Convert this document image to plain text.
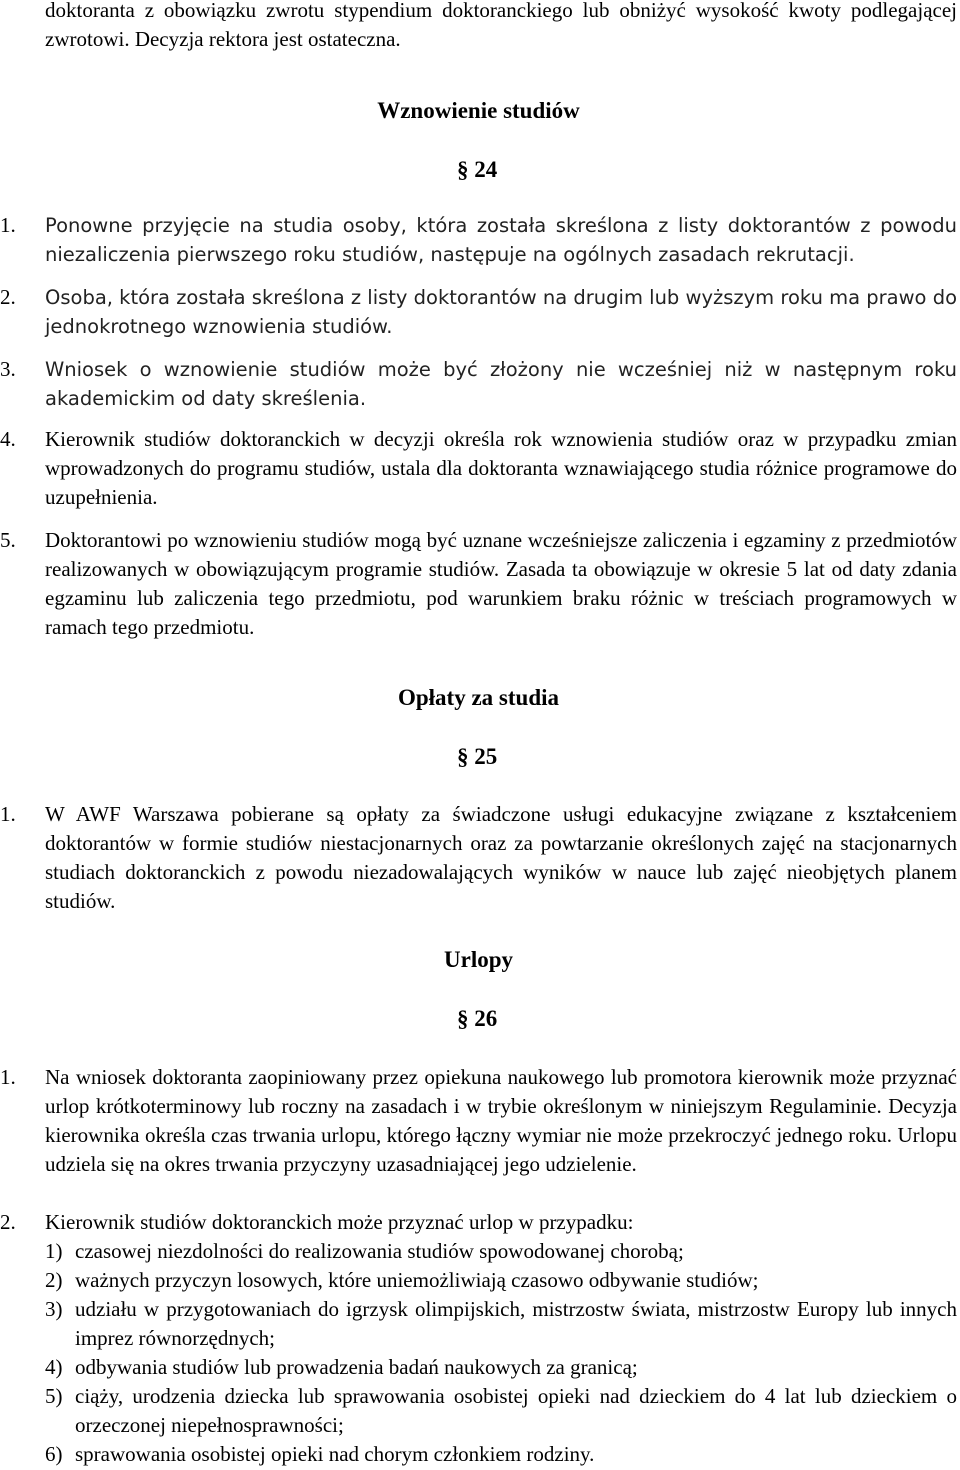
doktoranta z obowiązku zwrotu stypendium doktoranckiego lub obniżyć wysokość kwoty podlegającej zwrotowi. Decyzja rektora jest ostateczna.
Wznowienie studiów
§ 24
1. Ponowne przyjęcie na studia osoby, która została skreślona z listy doktorantów z powodu niezaliczenia pierwszego roku studiów, następuje na ogólnych zasadach rekrutacji.
2. Osoba, która została skreślona z listy doktorantów na drugim lub wyższym roku ma prawo do jednokrotnego wznowienia studiów.
3. Wniosek o wznowienie studiów może być złożony nie wcześniej niż w następnym roku akademickim od daty skreślenia.
4. Kierownik studiów doktoranckich w decyzji określa rok wznowienia studiów oraz w przypadku zmian wprowadzonych do programu studiów, ustala dla doktoranta wznawiającego studia różnice programowe do uzupełnienia.
5. Doktorantowi po wznowieniu studiów mogą być uznane wcześniejsze zaliczenia i egzaminy z przedmiotów realizowanych w obowiązującym programie studiów. Zasada ta obowiązuje w okresie 5 lat od daty zdania egzaminu lub zaliczenia tego przedmiotu, pod warunkiem braku różnic w treściach programowych w ramach tego przedmiotu.
Opłaty za studia
§ 25
1. W AWF Warszawa pobierane są opłaty za świadczone usługi edukacyjne związane z kształceniem doktorantów w formie studiów niestacjonarnych oraz za powtarzanie określonych zajęć na stacjonarnych studiach doktoranckich z powodu niezadowalających wyników w nauce lub zajęć nieobjętych planem studiów.
Urlopy
§ 26
1. Na wniosek doktoranta zaopiniowany przez opiekuna naukowego lub promotora kierownik może przyznać urlop krótkoterminowy lub roczny na zasadach i w trybie określonym w niniejszym Regulaminie. Decyzja kierownika określa czas trwania urlopu, którego łączny wymiar nie może przekroczyć jednego roku. Urlopu udziela się na okres trwania przyczyny uzasadniającej jego udzielenie.
2. Kierownik studiów doktoranckich może przyznać urlop w przypadku:
1) czasowej niezdolności do realizowania studiów spowodowanej chorobą;
2) ważnych przyczyn losowych, które uniemożliwiają czasowo odbywanie studiów;
3) udziału w przygotowaniach do igrzysk olimpijskich, mistrzostw świata, mistrzostw Europy lub innych imprez równorzędnych;
4) odbywania studiów lub prowadzenia badań naukowych za granicą;
5) ciąży, urodzenia dziecka lub sprawowania osobistej opieki nad dzieckiem do 4 lat lub dzieckiem o orzeczonej niepełnosprawności;
6) sprawowania osobistej opieki nad chorym członkiem rodziny.
